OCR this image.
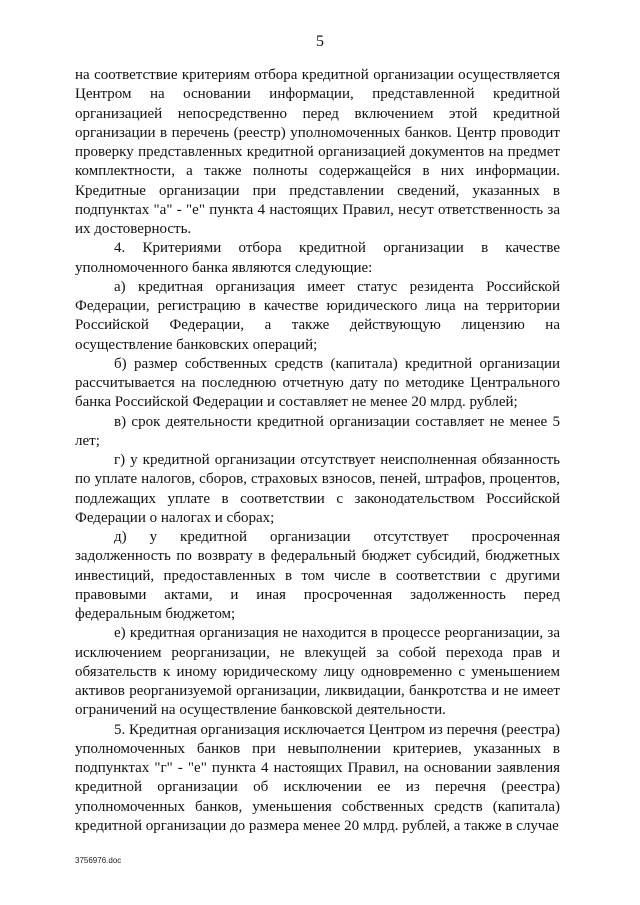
5

на соответствие критериям отбора кредитной организации осуществляется Центром на основании информации, представленной кредитной организацией непосредственно перед включением этой кредитной организации в перечень (реестр) уполномоченных банков. Центр проводит проверку представленных кредитной организацией документов на предмет комплектности, а также полноты содержащейся в них информации. Кредитные организации при представлении сведений, указанных в подпунктах "а" - "е" пункта 4 настоящих Правил, несут ответственность за их достоверность.

4. Критериями отбора кредитной организации в качестве уполномоченного банка являются следующие:

а) кредитная организация имеет статус резидента Российской Федерации, регистрацию в качестве юридического лица на территории Российской Федерации, а также действующую лицензию на осуществление банковских операций;

б) размер собственных средств (капитала) кредитной организации рассчитывается на последнюю отчетную дату по методике Центрального банка Российской Федерации и составляет не менее 20 млрд. рублей;

в) срок деятельности кредитной организации составляет не менее 5 лет;

г) у кредитной организации отсутствует неисполненная обязанность по уплате налогов, сборов, страховых взносов, пеней, штрафов, процентов, подлежащих уплате в соответствии с законодательством Российской Федерации о налогах и сборах;

д) у кредитной организации отсутствует просроченная задолженность по возврату в федеральный бюджет субсидий, бюджетных инвестиций, предоставленных в том числе в соответствии с другими правовыми актами, и иная просроченная задолженность перед федеральным бюджетом;

е) кредитная организация не находится в процессе реорганизации, за исключением реорганизации, не влекущей за собой перехода прав и обязательств к иному юридическому лицу одновременно с уменьшением активов реорганизуемой организации, ликвидации, банкротства и не имеет ограничений на осуществление банковской деятельности.

5. Кредитная организация исключается Центром из перечня (реестра) уполномоченных банков при невыполнении критериев, указанных в подпунктах "г" - "е" пункта 4 настоящих Правил, на основании заявления кредитной организации об исключении ее из перечня (реестра) уполномоченных банков, уменьшения собственных средств (капитала) кредитной организации до размера менее 20 млрд. рублей, а также в случае

3756976.doc
